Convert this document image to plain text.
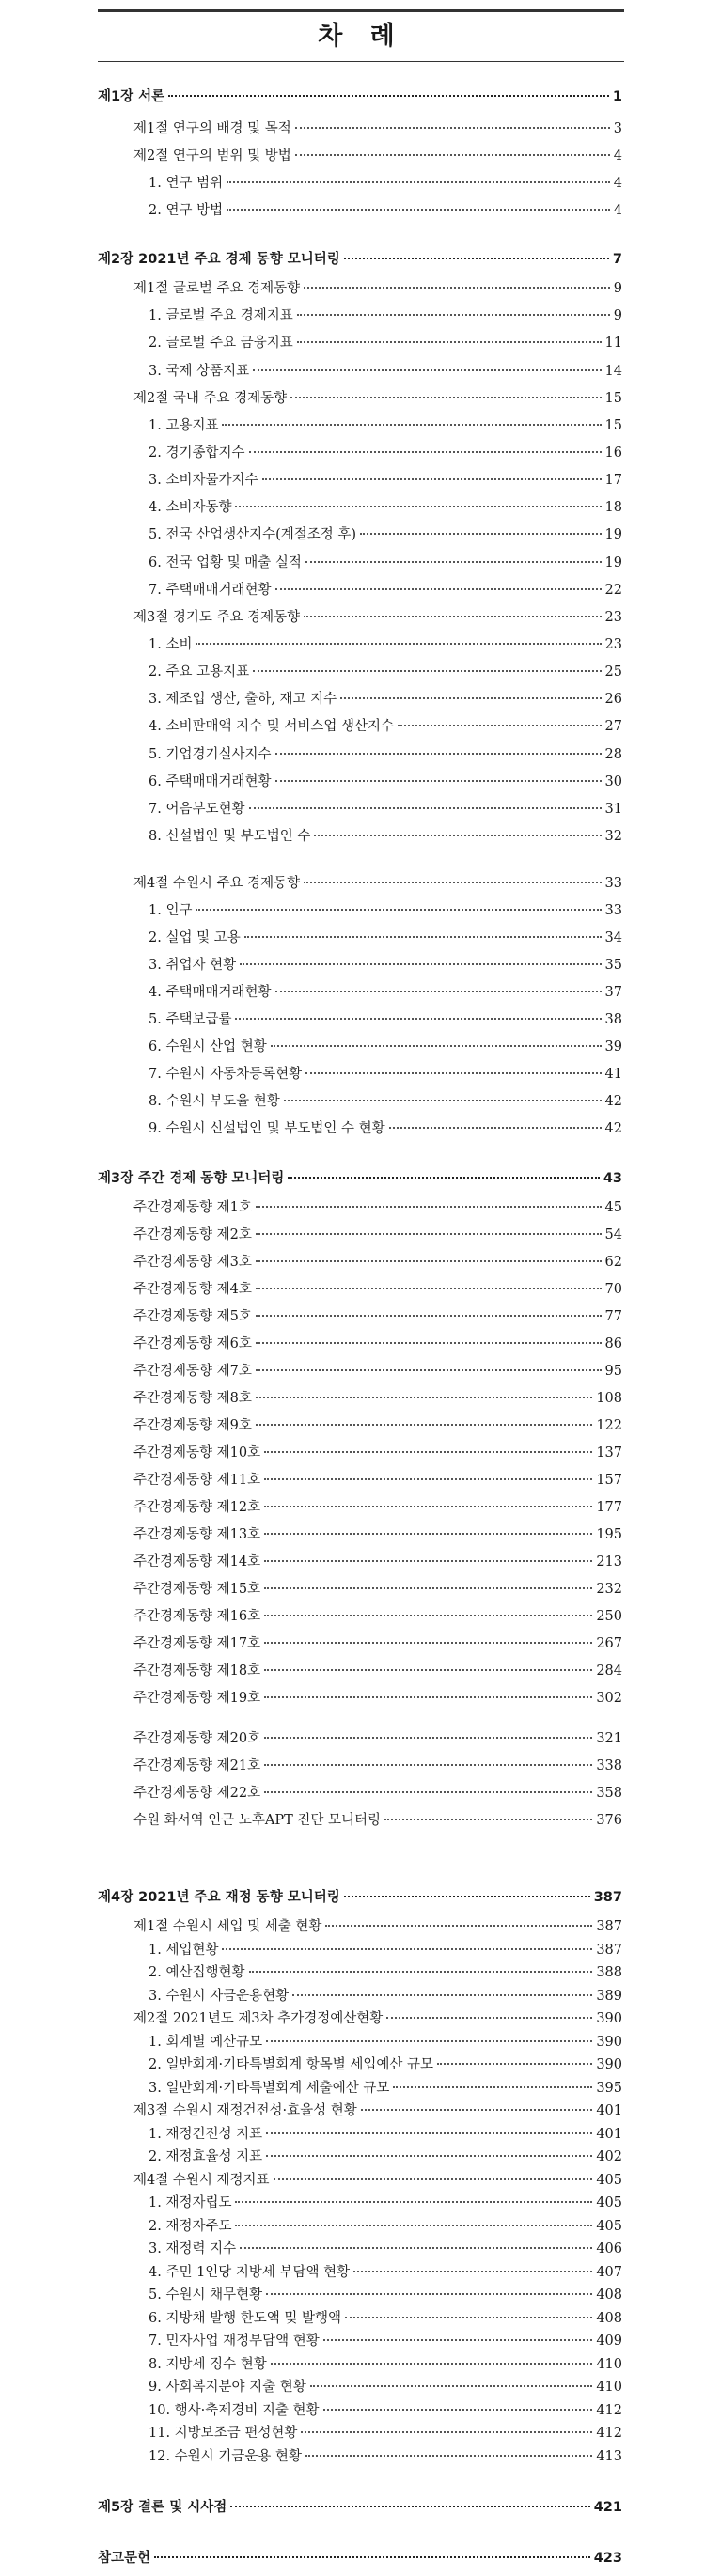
차 례
제1장 서론	1
제1절 연구의 배경 및 목적	3
제2절 연구의 범위 및 방법	4
1. 연구 범위	4
2. 연구 방법	4
제2장 2021년 주요 경제 동향 모니터링	7
제1절 글로벌 주요 경제동향	9
1. 글로벌 주요 경제지표	9
2. 글로벌 주요 금융지표	11
3. 국제 상품지표	14
제2절 국내 주요 경제동향	15
1. 고용지표	15
2. 경기종합지수	16
3. 소비자물가지수	17
4. 소비자동향	18
5. 전국 산업생산지수(계절조정 후)	19
6. 전국 업황 및 매출 실적	19
7. 주택매매거래현황	22
제3절 경기도 주요 경제동향	23
1. 소비	23
2. 주요 고용지표	25
3. 제조업 생산, 출하, 재고 지수	26
4. 소비판매액 지수 및 서비스업 생산지수	27
5. 기업경기실사지수	28
6. 주택매매거래현황	30
7. 어음부도현황	31
8. 신설법인 및 부도법인 수	32
제4절 수원시 주요 경제동향	33
1. 인구	33
2. 실업 및 고용	34
3. 취업자 현황	35
4. 주택매매거래현황	37
5. 주택보급률	38
6. 수원시 산업 현황	39
7. 수원시 자동차등록현황	41
8. 수원시 부도율 현황	42
9. 수원시 신설법인 및 부도법인 수 현황	42
제3장 주간 경제 동향 모니터링	43
주간경제동향 제1호	45
주간경제동향 제2호	54
주간경제동향 제3호	62
주간경제동향 제4호	70
주간경제동향 제5호	77
주간경제동향 제6호	86
주간경제동향 제7호	95
주간경제동향 제8호	108
주간경제동향 제9호	122
주간경제동향 제10호	137
주간경제동향 제11호	157
주간경제동향 제12호	177
주간경제동향 제13호	195
주간경제동향 제14호	213
주간경제동향 제15호	232
주간경제동향 제16호	250
주간경제동향 제17호	267
주간경제동향 제18호	284
주간경제동향 제19호	302
주간경제동향 제20호	321
주간경제동향 제21호	338
주간경제동향 제22호	358
수원 화서역 인근 노후APT 진단 모니터링	376
제4장 2021년 주요 재정 동향 모니터링	387
제1절 수원시 세입 및 세출 현황	387
1. 세입현황	387
2. 예산집행현황	388
3. 수원시 자금운용현황	389
제2절 2021년도 제3차 추가경정예산현황	390
1. 회계별 예산규모	390
2. 일반회계·기타특별회계 항목별 세입예산 규모	390
3. 일반회계·기타특별회계 세출예산 규모	395
제3절 수원시 재정건전성·효율성 현황	401
1. 재정건전성 지표	401
2. 재정효율성 지표	402
제4절 수원시 재정지표	405
1. 재정자립도	405
2. 재정자주도	405
3. 재정력 지수	406
4. 주민 1인당 지방세 부담액 현황	407
5. 수원시 채무현황	408
6. 지방채 발행 한도액 및 발행액	408
7. 민자사업 재정부담액 현황	409
8. 지방세 징수 현황	410
9. 사회복지분야 지출 현황	410
10. 행사·축제경비 지출 현황	412
11. 지방보조금 편성현황	412
12. 수원시 기금운용 현황	413
제5장 결론 및 시사점	421
참고문헌	423
